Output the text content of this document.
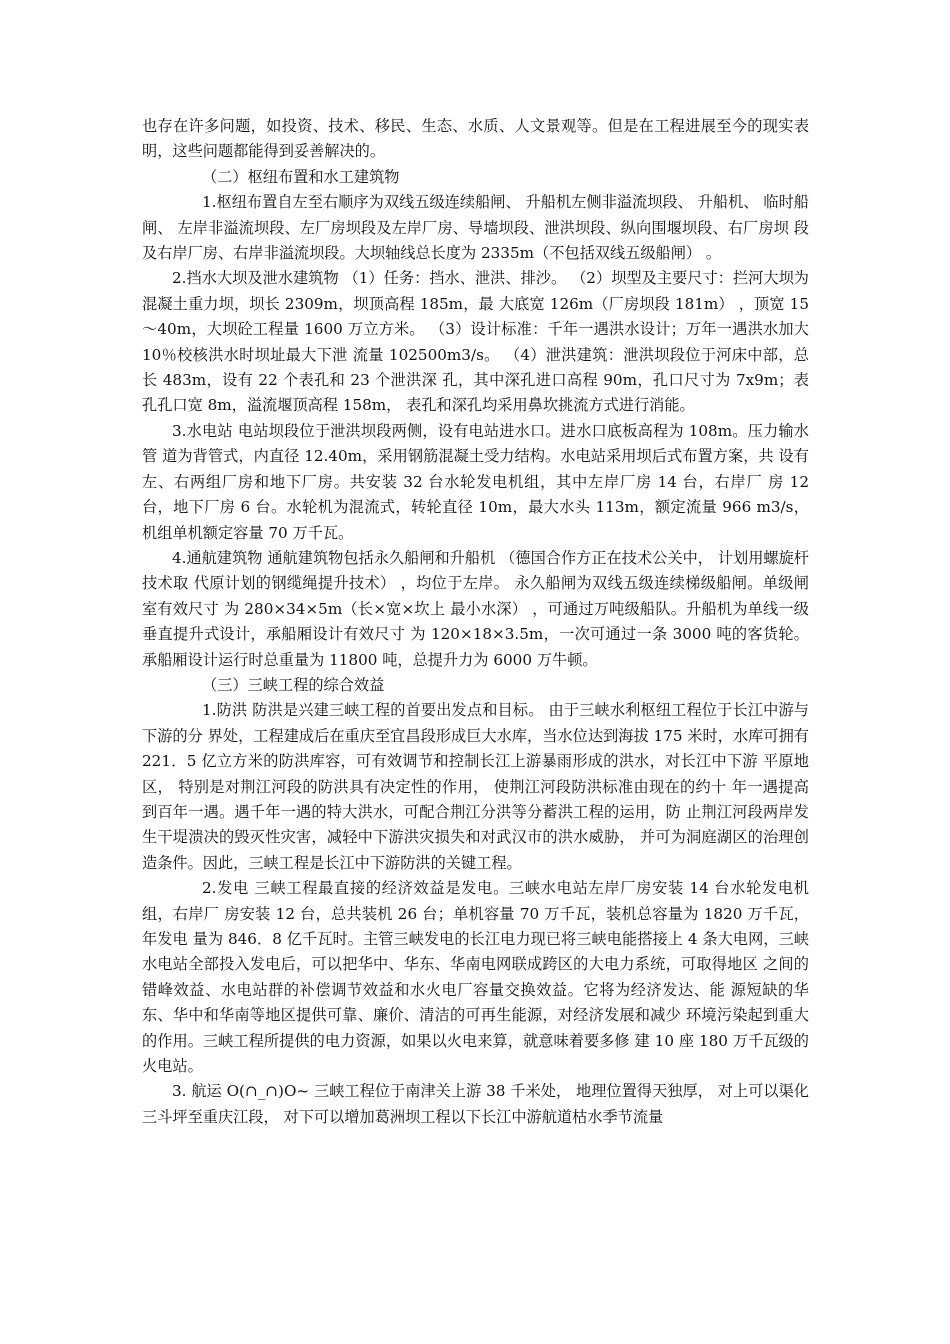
也存在许多问题，如投资、技术、移民、生态、水质、人文景观等。但是在工程进展至今的现实表明，这些问题都能得到妥善解决的。

（二）枢纽布置和水工建筑物

1.枢纽布置自左至右顺序为双线五级连续船闸、 升船机左侧非溢流坝段、 升船机、 临时船闸、 左岸非溢流坝段、左厂房坝段及左岸厂房、导墙坝段、泄洪坝段、纵向围堰坝段、右厂房坝 段及右岸厂房、右岸非溢流坝段。大坝轴线总长度为 2335m（不包括双线五级船闸） 。

2.挡水大坝及泄水建筑物 （1）任务：挡水、泄洪、排沙。 （2）坝型及主要尺寸：拦河大坝为混凝土重力坝，坝长 2309m，坝顶高程 185m，最 大底宽 126m（厂房坝段 181m） ，顶宽 15～40m，大坝砼工程量 1600 万立方米。 （3）设计标准：千年一遇洪水设计；万年一遇洪水加大 10％校核洪水时坝址最大下泄 流量 102500m3/s。 （4）泄洪建筑：泄洪坝段位于河床中部，总长 483m，设有 22 个表孔和 23 个泄洪深 孔，其中深孔进口高程 90m，孔口尺寸为 7x9m；表孔孔口宽 8m，溢流堰顶高程 158m， 表孔和深孔均采用鼻坎挑流方式进行消能。

3.水电站 电站坝段位于泄洪坝段两侧，设有电站进水口。进水口底板高程为 108m。压力输水管 道为背管式，内直径 12.40m，采用钢筋混凝土受力结构。水电站采用坝后式布置方案，共 设有左、右两组厂房和地下厂房。共安装 32 台水轮发电机组，其中左岸厂房 14 台，右岸厂 房 12 台，地下厂房 6 台。水轮机为混流式，转轮直径 10m，最大水头 113m，额定流量 966 m3/s，机组单机额定容量 70 万千瓦。

4.通航建筑物 通航建筑物包括永久船闸和升船机 （德国合作方正在技术公关中， 计划用螺旋杆技术取 代原计划的钢缆绳提升技术） ，均位于左岸。 永久船闸为双线五级连续梯级船闸。单级闸室有效尺寸 为 280×34×5m（长×宽×坎上 最小水深） ，可通过万吨级船队。升船机为单线一级垂直提升式设计，承船厢设计有效尺寸 为 120×18×3.5m，一次可通过一条 3000 吨的客货轮。承船厢设计运行时总重量为 11800 吨，总提升力为 6000 万牛顿。

（三）三峡工程的综合效益

1.防洪 防洪是兴建三峡工程的首要出发点和目标。 由于三峡水利枢纽工程位于长江中游与下游的分 界处，工程建成后在重庆至宜昌段形成巨大水库，当水位达到海拔 175 米时，水库可拥有 221．5 亿立方米的防洪库容，可有效调节和控制长江上游暴雨形成的洪水，对长江中下游 平原地区， 特别是对荆江河段的防洪具有决定性的作用， 使荆江河段防洪标准由现在的约十 年一遇提高到百年一遇。遇千年一遇的特大洪水，可配合荆江分洪等分蓄洪工程的运用，防 止荆江河段两岸发生干堤溃决的毁灭性灾害，减轻中下游洪灾损失和对武汉市的洪水威胁， 并可为洞庭湖区的治理创造条件。因此，三峡工程是长江中下游防洪的关键工程。

2.发电 三峡工程最直接的经济效益是发电。三峡水电站左岸厂房安装 14 台水轮发电机组，右岸厂 房安装 12 台，总共装机 26 台；单机容量 70 万千瓦，装机总容量为 1820 万千瓦，年发电 量为 846．8 亿千瓦时。主管三峡发电的长江电力现已将三峡电能搭接上 4 条大电网，三峡 水电站全部投入发电后，可以把华中、华东、华南电网联成跨区的大电力系统，可取得地区 之间的错峰效益、水电站群的补偿调节效益和水火电厂容量交换效益。它将为经济发达、能 源短缺的华东、华中和华南等地区提供可靠、廉价、清洁的可再生能源，对经济发展和减少 环境污染起到重大的作用。三峡工程所提供的电力资源，如果以火电来算，就意味着要多修 建 10 座 180 万千瓦级的火电站。

3. 航运 O(∩_∩)O~ 三峡工程位于南津关上游 38 千米处， 地理位置得天独厚， 对上可以渠化三斗坪至重庆江段， 对下可以增加葛洲坝工程以下长江中游航道枯水季节流量
